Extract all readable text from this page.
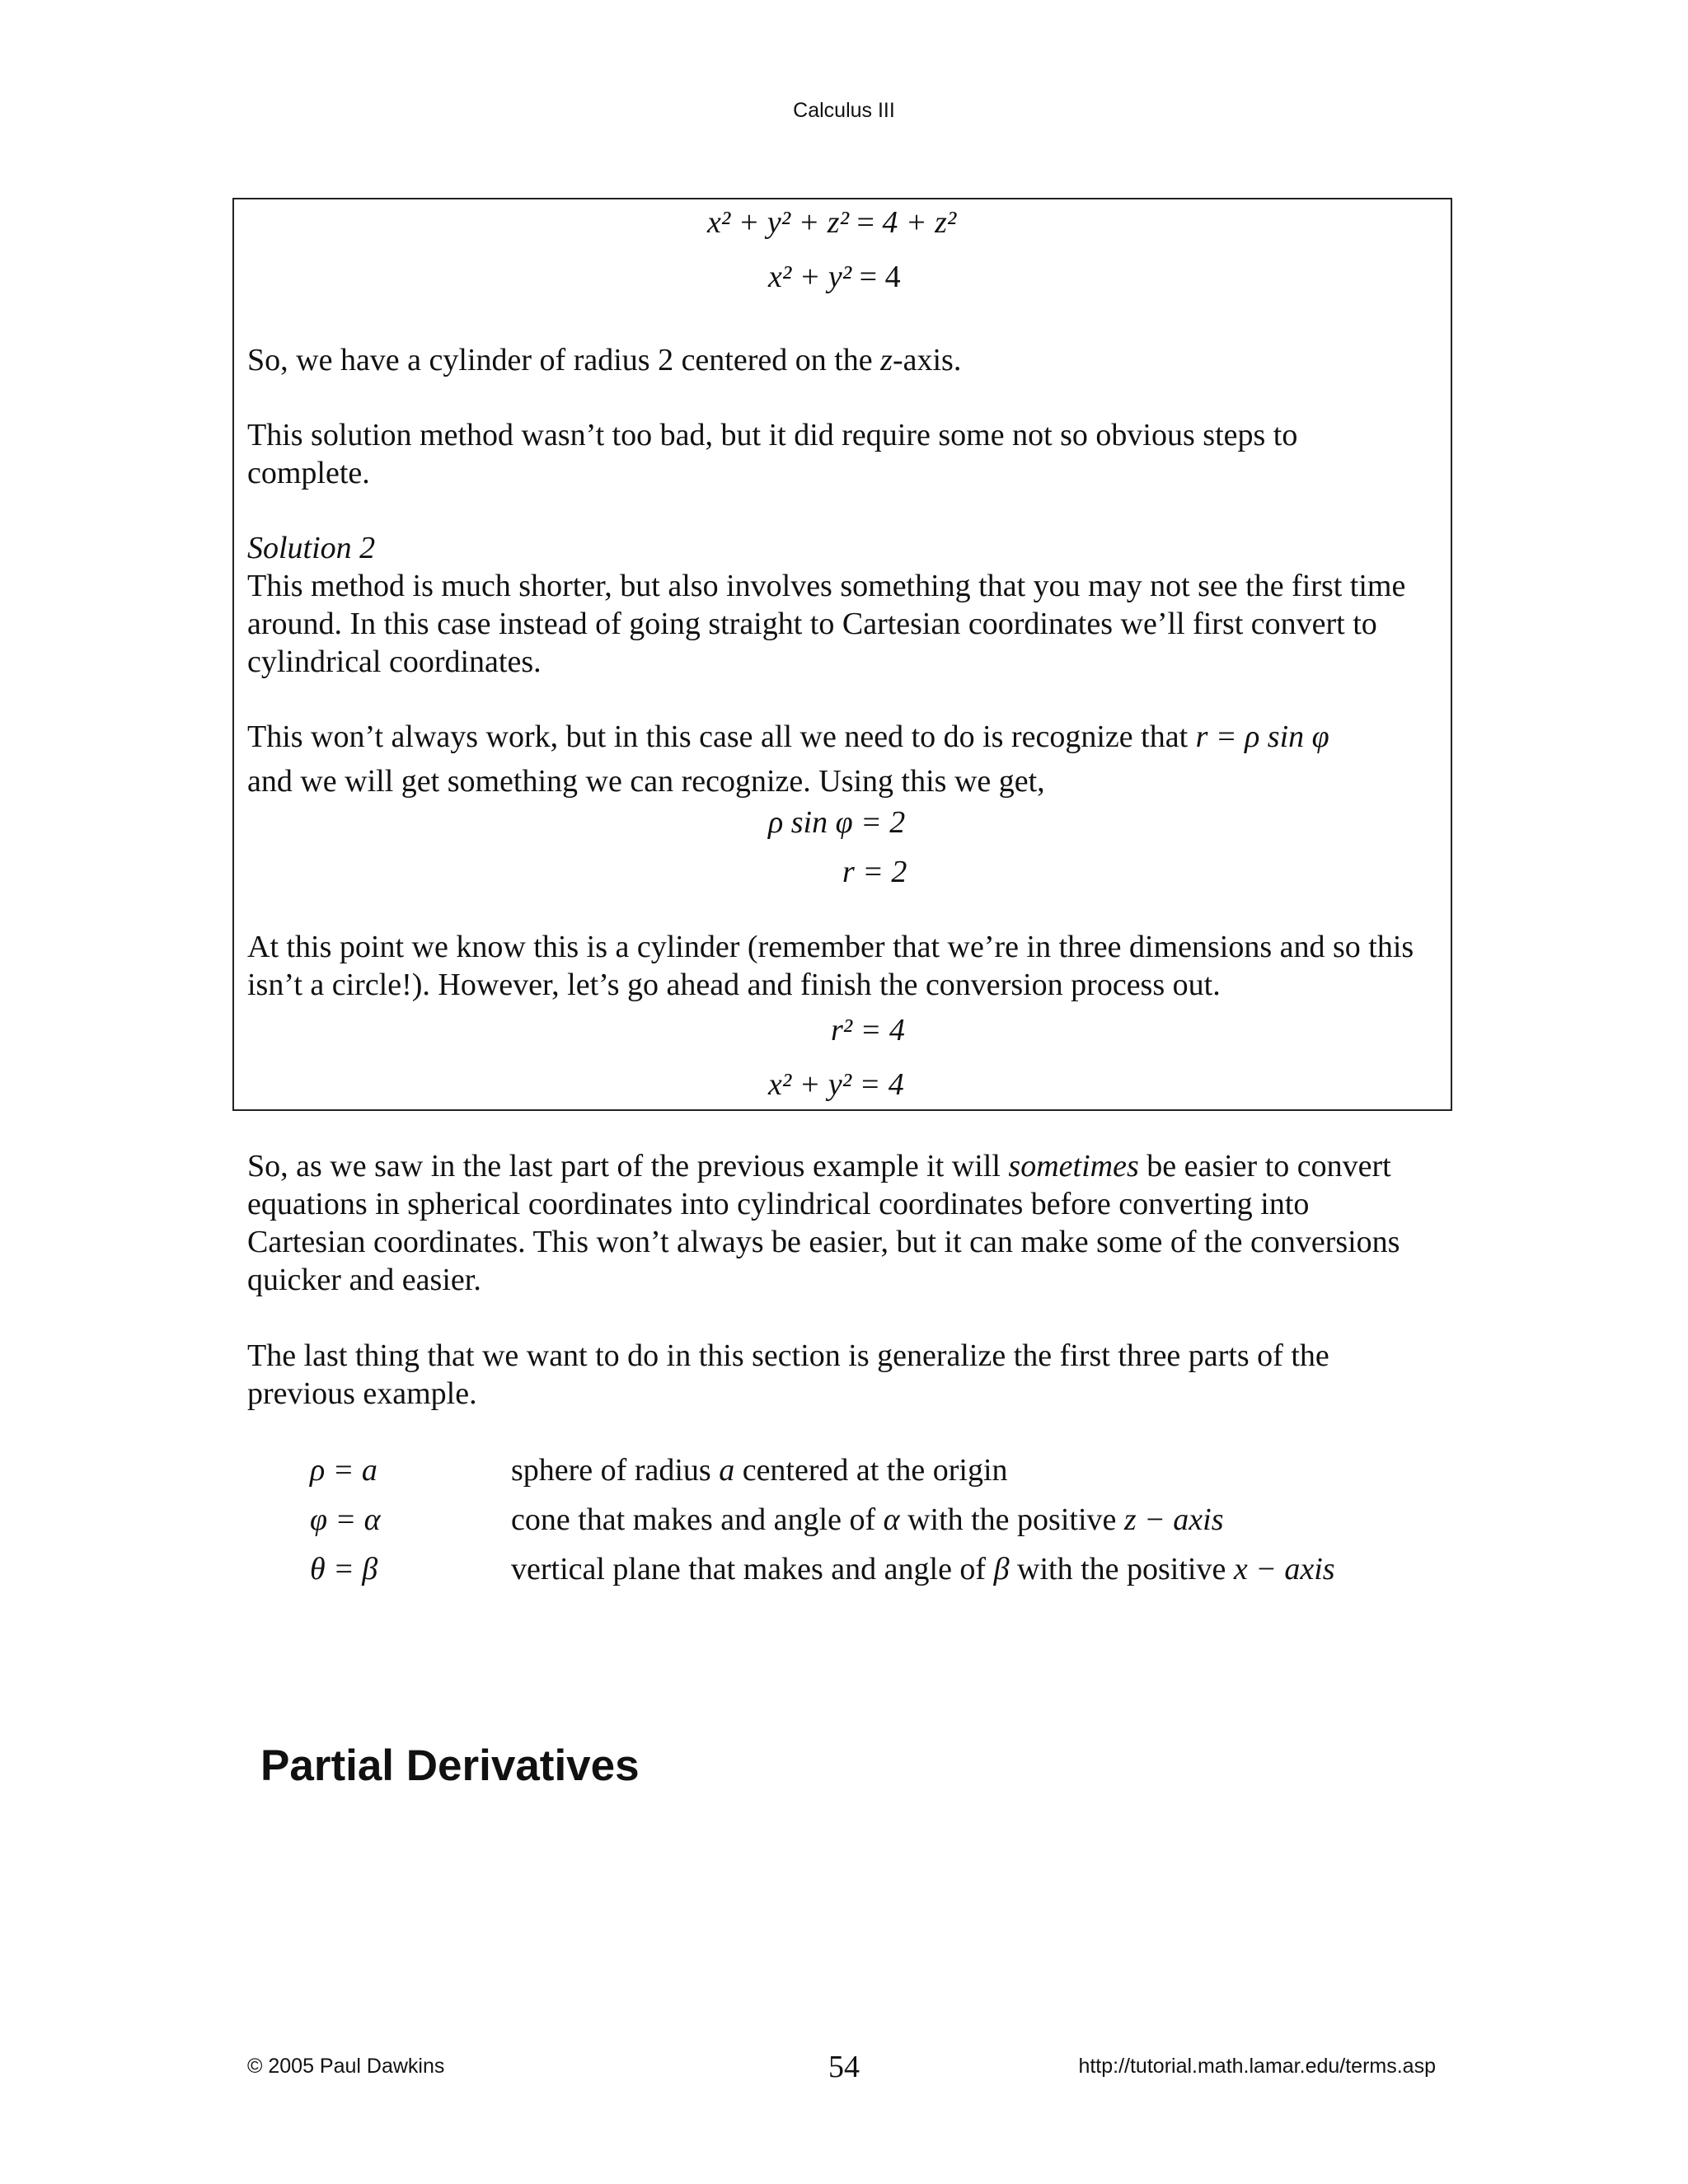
Calculus III
x² + y² + z² = 4 + z²
x² + y² = 4
So, we have a cylinder of radius 2 centered on the z-axis.
This solution method wasn’t too bad, but it did require some not so obvious steps to complete.
Solution 2
This method is much shorter, but also involves something that you may not see the first time around. In this case instead of going straight to Cartesian coordinates we’ll first convert to cylindrical coordinates.
This won’t always work, but in this case all we need to do is recognize that r = ρ sin φ
and we will get something we can recognize. Using this we get,
ρ sin φ = 2
r = 2
At this point we know this is a cylinder (remember that we’re in three dimensions and so this isn’t a circle!). However, let’s go ahead and finish the conversion process out.
r² = 4
x² + y² = 4
So, as we saw in the last part of the previous example it will sometimes be easier to convert equations in spherical coordinates into cylindrical coordinates before converting into Cartesian coordinates. This won’t always be easier, but it can make some of the conversions quicker and easier.
The last thing that we want to do in this section is generalize the first three parts of the previous example.
ρ = a	sphere of radius a centered at the origin
φ = α	cone that makes and angle of α with the positive z − axis
θ = β	vertical plane that makes and angle of β with the positive x − axis
Partial Derivatives
© 2005 Paul Dawkins	54	http://tutorial.math.lamar.edu/terms.asp
